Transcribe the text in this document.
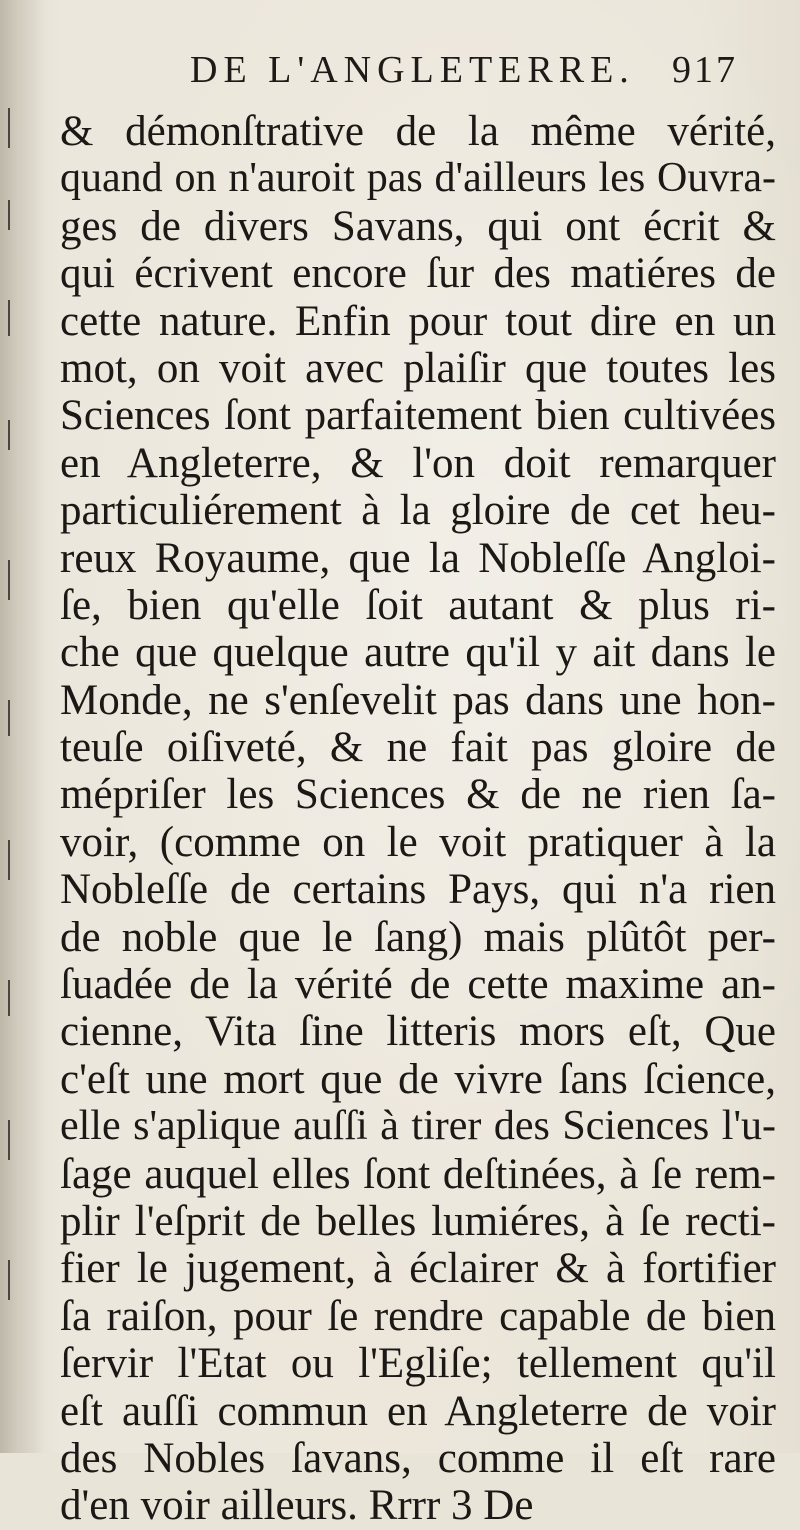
DE L'ANGLETERRE. 917
& démonſtrative de la même vérité,
quand on n'auroit pas d'ailleurs les Ouvra-
ges de divers Savans, qui ont écrit &
qui écrivent encore ſur des matiéres de
cette nature. Enfin pour tout dire en un
mot, on voit avec plaiſir que toutes les
Sciences ſont parfaitement bien cultivées
en Angleterre, & l'on doit remarquer
particuliérement à la gloire de cet heu-
reux Royaume, que la Nobleſſe Angloi-
ſe, bien qu'elle ſoit autant & plus ri-
che que quelque autre qu'il y ait dans le
Monde, ne s'enſevelit pas dans une hon-
teuſe oiſiveté, & ne fait pas gloire de
mépriſer les Sciences & de ne rien ſa-
voir, (comme on le voit pratiquer à la
Nobleſſe de certains Pays, qui n'a rien
de noble que le ſang) mais plûtôt per-
ſuadée de la vérité de cette maxime an-
cienne, Vita ſine litteris mors eſt, Que
c'eſt une mort que de vivre ſans ſcience,
elle s'aplique auſſi à tirer des Sciences l'u-
ſage auquel elles ſont deſtinées, à ſe rem-
plir l'eſprit de belles lumiéres, à ſe recti-
fier le jugement, à éclairer & à fortifier
ſa raiſon, pour ſe rendre capable de bien
ſervir l'Etat ou l'Egliſe; tellement qu'il
eſt auſſi commun en Angleterre de voir
des Nobles ſavans, comme il eſt rare
d'en voir ailleurs. Rrrr 3 De
